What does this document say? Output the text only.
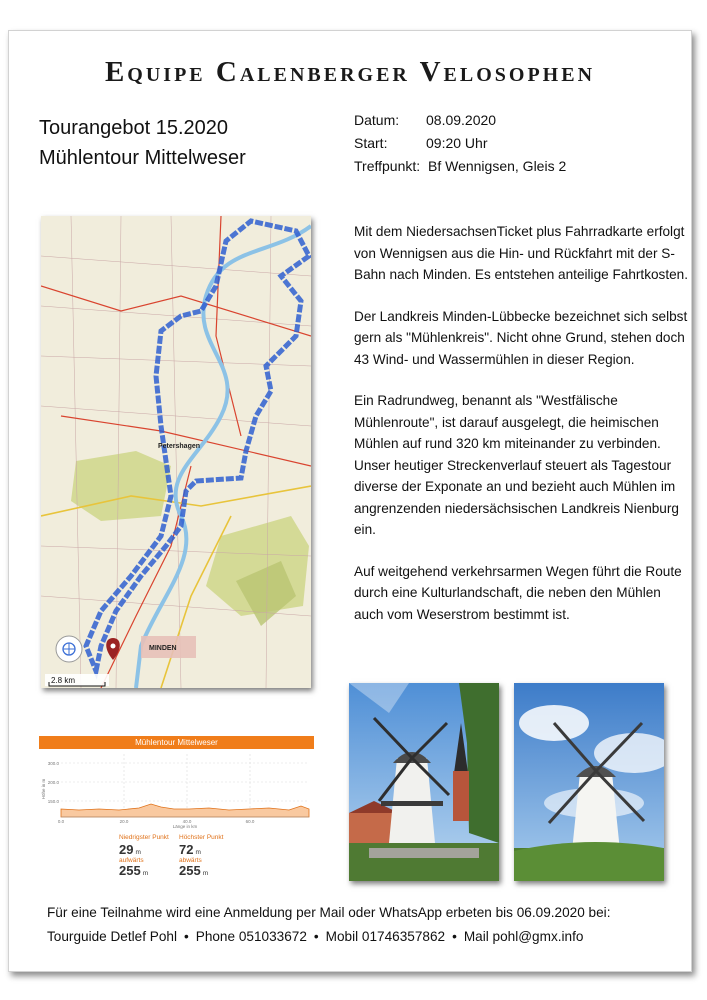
Equipe Calenberger Velosophen
Tourangebot 15.2020
Mühlentour Mittelweser
Datum:	08.09.2020
Start:	09:20 Uhr
Treffpunkt: Bf Wennigsen, Gleis 2
Petershagen
MINDEN
2.8 km

Mit dem NiedersachsenTicket plus Fahrradkarte erfolgt von Wennigsen aus die Hin- und Rückfahrt mit der S-Bahn nach Minden. Es entstehen anteilige Fahrtkosten.

Der Landkreis Minden-Lübbecke bezeichnet sich selbst gern als "Mühlenkreis". Nicht ohne Grund, stehen doch 43 Wind- und Wassermühlen in dieser Region.

Ein Radrundweg, benannt als "Westfälische Mühlenroute", ist darauf ausgelegt, die heimischen Mühlen auf rund 320 km miteinander zu verbinden. Unser heutiger Streckenverlauf steuert als Tagestour diverse der Exponate an und bezieht auch Mühlen im angrenzenden niedersächsischen Landkreis Nienburg ein.

Auf weitgehend verkehrsarmen Wegen führt die Route durch eine Kulturlandschaft, die neben den Mühlen auch vom Weserstrom bestimmt ist.

Mühlentour Mittelweser
300.0
200.0
150.0
0.0	20.0	40.0	60.0
Länge in km
Höhe in m
Niedrigster Punkt
29 m
aufwärts
255 m
Höchster Punkt
72 m
abwärts
255 m
Für eine Teilnahme wird eine Anmeldung per Mail oder WhatsApp erbeten bis 06.09.2020 bei:
Tourguide Detlef Pohl • Phone 051033672 • Mobil 01746357862 • Mail pohl@gmx.info
